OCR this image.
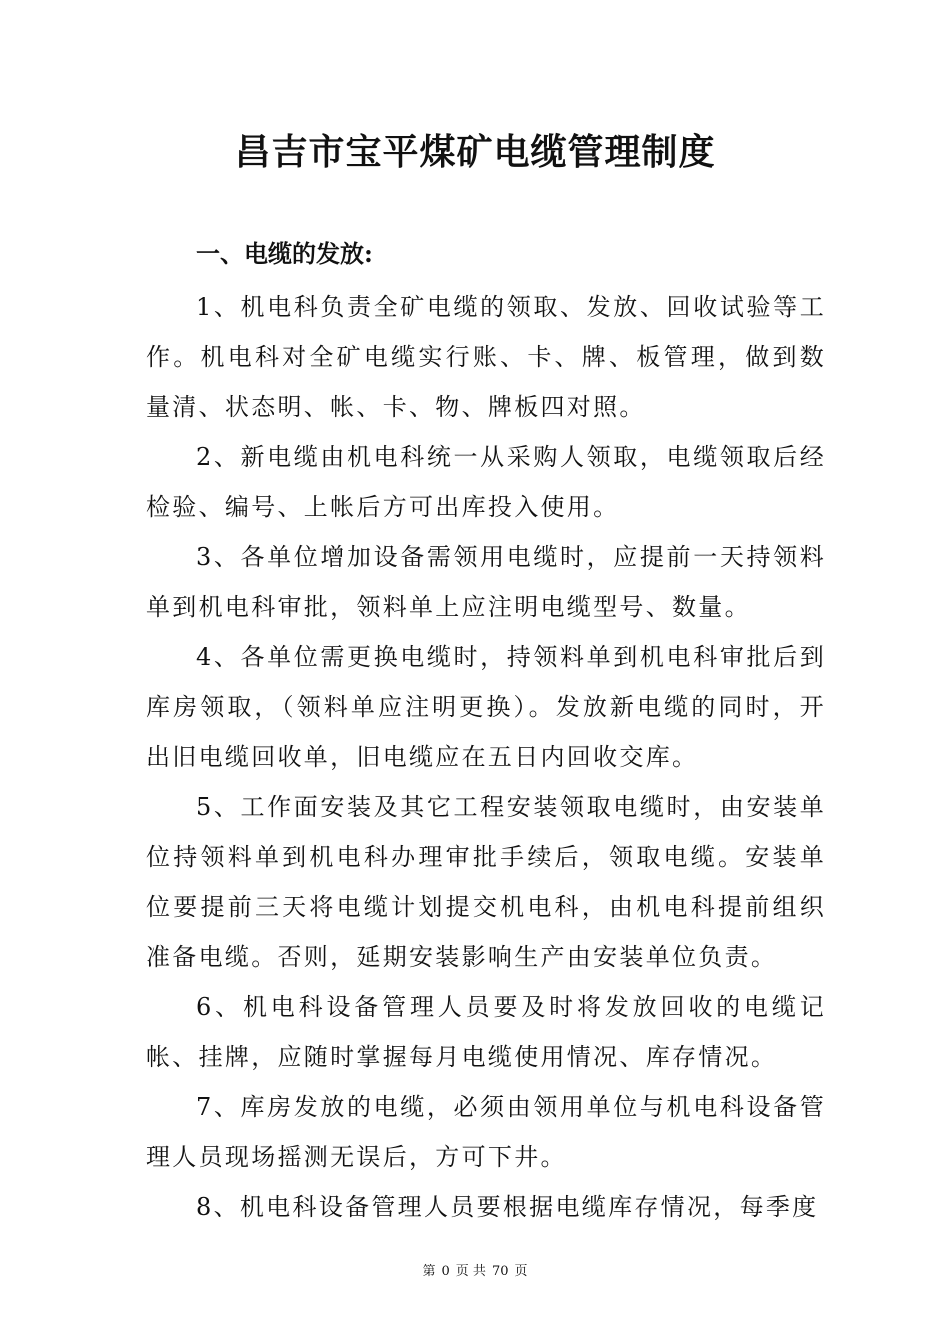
昌吉市宝平煤矿电缆管理制度
一、电缆的发放:

1、机电科负责全矿电缆的领取、发放、回收试验等工作。机电科对全矿电缆实行账、卡、牌、板管理，做到数量清、状态明、帐、卡、物、牌板四对照。

2、新电缆由机电科统一从采购人领取，电缆领取后经检验、编号、上帐后方可出库投入使用。

3、各单位增加设备需领用电缆时，应提前一天持领料单到机电科审批，领料单上应注明电缆型号、数量。

4、各单位需更换电缆时，持领料单到机电科审批后到库房领取，（领料单应注明更换）。发放新电缆的同时，开出旧电缆回收单，旧电缆应在五日内回收交库。

5、工作面安装及其它工程安装领取电缆时，由安装单位持领料单到机电科办理审批手续后，领取电缆。安装单位要提前三天将电缆计划提交机电科，由机电科提前组织准备电缆。否则，延期安装影响生产由安装单位负责。

6、机电科设备管理人员要及时将发放回收的电缆记帐、挂牌，应随时掌握每月电缆使用情况、库存情况。

7、库房发放的电缆，必须由领用单位与机电科设备管理人员现场摇测无误后，方可下井。

8、机电科设备管理人员要根据电缆库存情况，每季度

第 0 页 共 70 页
